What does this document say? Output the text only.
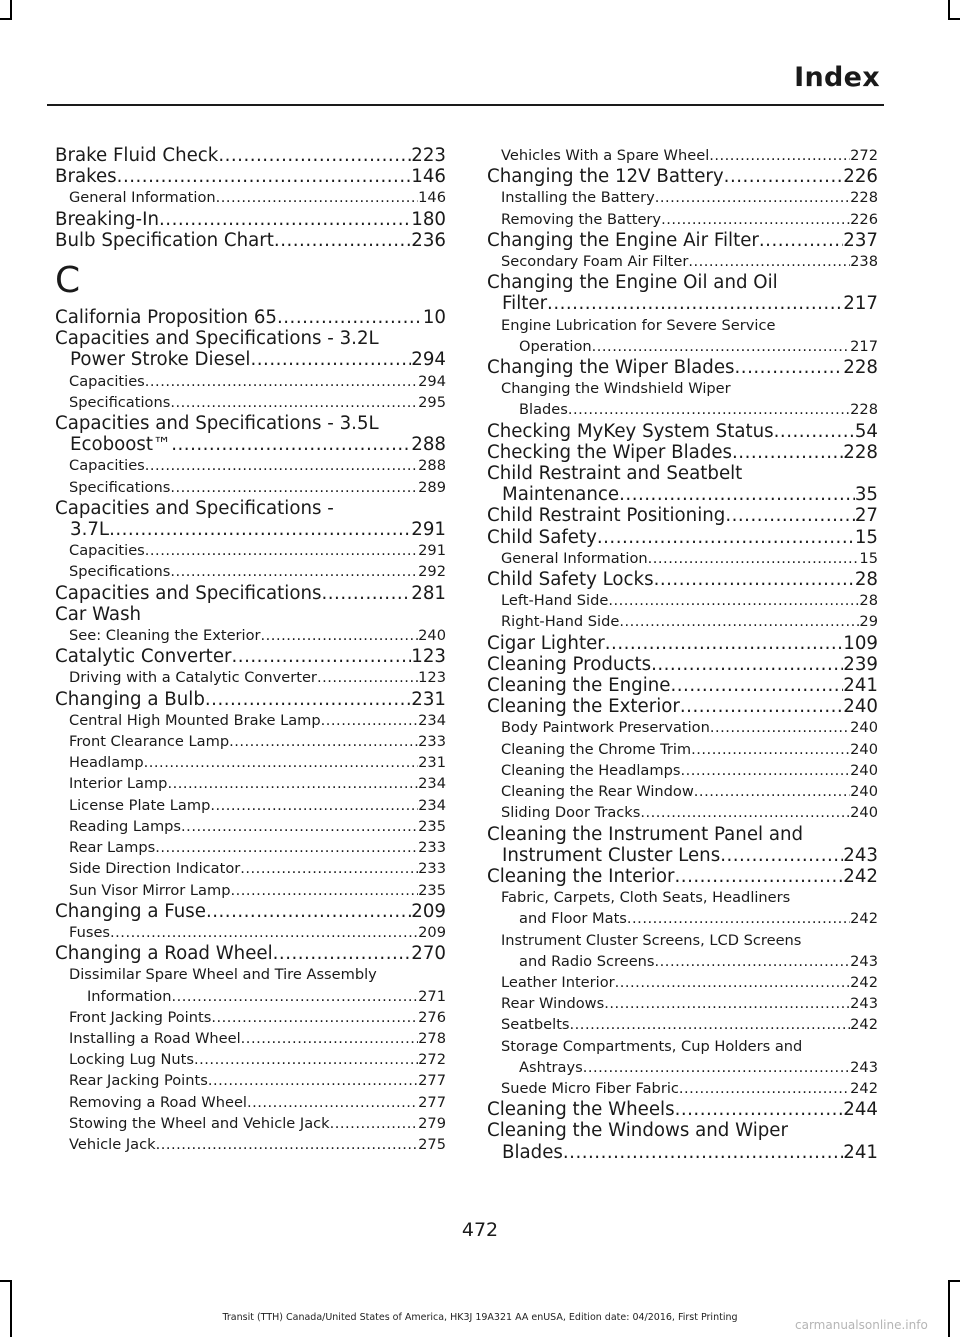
Index
Brake Fluid Check .....	223
Brakes .....	146
General Information .....	146
Breaking-In .....	180
Bulb Specification Chart .....	236
C
California Proposition 65 .....	10
Capacities and Specifications - 3.2L
Power Stroke Diesel .....	294
Capacities .....	294
Specifications .....	295
Capacities and Specifications - 3.5L
Ecoboost™ .....	288
Capacities .....	288
Specifications .....	289
Capacities and Specifications -
3.7L .....	291
Capacities .....	291
Specifications .....	292
Capacities and Specifications .....	281
Car Wash
See: Cleaning the Exterior .....	240
Catalytic Converter .....	123
Driving with a Catalytic Converter .....	123
Changing a Bulb .....	231
Central High Mounted Brake Lamp .....	234
Front Clearance Lamp .....	233
Headlamp .....	231
Interior Lamp .....	234
License Plate Lamp .....	234
Reading Lamps .....	235
Rear Lamps .....	233
Side Direction Indicator .....	233
Sun Visor Mirror Lamp .....	235
Changing a Fuse .....	209
Fuses .....	209
Changing a Road Wheel .....	270
Dissimilar Spare Wheel and Tire Assembly
Information .....	271
Front Jacking Points .....	276
Installing a Road Wheel .....	278
Locking Lug Nuts .....	272
Rear Jacking Points .....	277
Removing a Road Wheel .....	277
Stowing the Wheel and Vehicle Jack .....	279
Vehicle Jack .....	275
Vehicles With a Spare Wheel .....	272
Changing the 12V Battery .....	226
Installing the Battery .....	228
Removing the Battery .....	226
Changing the Engine Air Filter .....	237
Secondary Foam Air Filter .....	238
Changing the Engine Oil and Oil
Filter .....	217
Engine Lubrication for Severe Service
Operation .....	217
Changing the Wiper Blades .....	228
Changing the Windshield Wiper
Blades .....	228
Checking MyKey System Status .....	54
Checking the Wiper Blades .....	228
Child Restraint and Seatbelt
Maintenance .....	35
Child Restraint Positioning .....	27
Child Safety .....	15
General Information .....	15
Child Safety Locks .....	28
Left-Hand Side .....	28
Right-Hand Side .....	29
Cigar Lighter .....	109
Cleaning Products .....	239
Cleaning the Engine .....	241
Cleaning the Exterior .....	240
Body Paintwork Preservation .....	240
Cleaning the Chrome Trim .....	240
Cleaning the Headlamps .....	240
Cleaning the Rear Window .....	240
Sliding Door Tracks .....	240
Cleaning the Instrument Panel and
Instrument Cluster Lens .....	243
Cleaning the Interior .....	242
Fabric, Carpets, Cloth Seats, Headliners
and Floor Mats .....	242
Instrument Cluster Screens, LCD Screens
and Radio Screens .....	243
Leather Interior .....	242
Rear Windows .....	243
Seatbelts .....	242
Storage Compartments, Cup Holders and
Ashtrays .....	243
Suede Micro Fiber Fabric .....	242
Cleaning the Wheels .....	244
Cleaning the Windows and Wiper
Blades .....	241
472
Transit (TTH) Canada/United States of America, HK3J 19A321 AA enUSA, Edition date: 04/2016, First Printing
carmanualsonline.info
